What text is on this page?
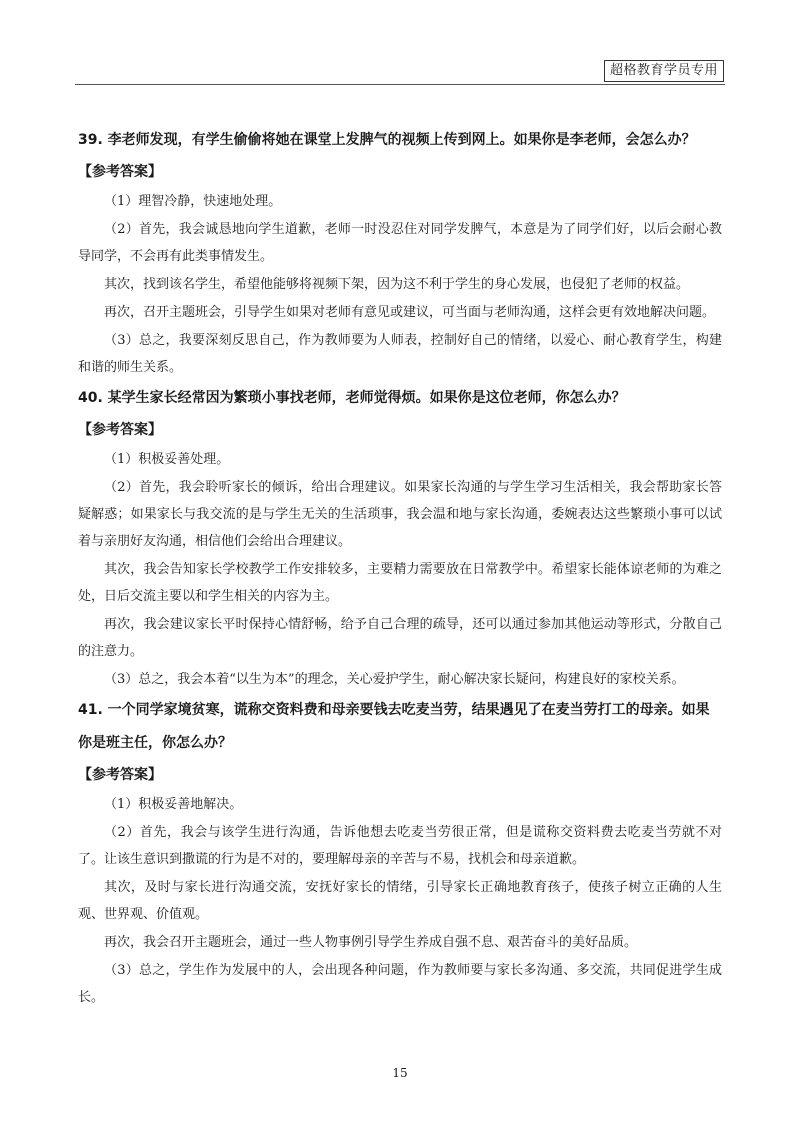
超格教育学员专用

39. 李老师发现，有学生偷偷将她在课堂上发脾气的视频上传到网上。如果你是李老师，会怎么办？

【参考答案】

（1）理智冷静，快速地处理。

（2）首先，我会诚恳地向学生道歉，老师一时没忍住对同学发脾气，本意是为了同学们好，以后会耐心教导同学，不会再有此类事情发生。

其次，找到该名学生，希望他能够将视频下架，因为这不利于学生的身心发展，也侵犯了老师的权益。

再次，召开主题班会，引导学生如果对老师有意见或建议，可当面与老师沟通，这样会更有效地解决问题。

（3）总之，我要深刻反思自己，作为教师要为人师表，控制好自己的情绪，以爱心、耐心教育学生，构建和谐的师生关系。

40. 某学生家长经常因为繁琐小事找老师，老师觉得烦。如果你是这位老师，你怎么办？

【参考答案】

（1）积极妥善处理。

（2）首先，我会聆听家长的倾诉，给出合理建议。如果家长沟通的与学生学习生活相关，我会帮助家长答疑解惑；如果家长与我交流的是与学生无关的生活琐事，我会温和地与家长沟通，委婉表达这些繁琐小事可以试着与亲朋好友沟通，相信他们会给出合理建议。

其次，我会告知家长学校教学工作安排较多，主要精力需要放在日常教学中。希望家长能体谅老师的为难之处，日后交流主要以和学生相关的内容为主。

再次，我会建议家长平时保持心情舒畅，给予自己合理的疏导，还可以通过参加其他运动等形式，分散自己的注意力。

（3）总之，我会本着“以生为本”的理念，关心爱护学生，耐心解决家长疑问，构建良好的家校关系。

41. 一个同学家境贫寒，谎称交资料费和母亲要钱去吃麦当劳，结果遇见了在麦当劳打工的母亲。如果你是班主任，你怎么办？

【参考答案】

（1）积极妥善地解决。

（2）首先，我会与该学生进行沟通，告诉他想去吃麦当劳很正常，但是谎称交资料费去吃麦当劳就不对了。让该生意识到撒谎的行为是不对的，要理解母亲的辛苦与不易，找机会和母亲道歉。

其次，及时与家长进行沟通交流，安抚好家长的情绪，引导家长正确地教育孩子，使孩子树立正确的人生观、世界观、价值观。

再次，我会召开主题班会，通过一些人物事例引导学生养成自强不息、艰苦奋斗的美好品质。

（3）总之，学生作为发展中的人，会出现各种问题，作为教师要与家长多沟通、多交流，共同促进学生成长。

15
